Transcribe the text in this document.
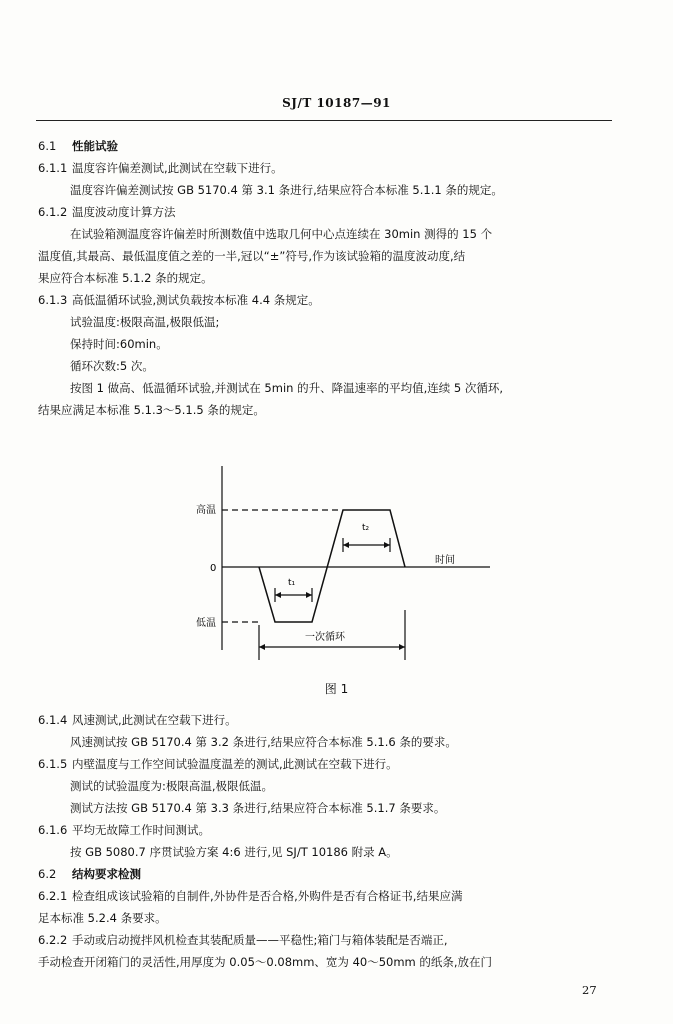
SJ/T 10187—91
6.1 性能试验
6.1.1 温度容许偏差测试,此测试在空载下进行。
温度容许偏差测试按 GB 5170.4 第 3.1 条进行,结果应符合本标准 5.1.1 条的规定。
6.1.2 温度波动度计算方法
在试验箱测温度容许偏差时所测数值中选取几何中心点连续在 30min 测得的 15 个
温度值,其最高、最低温度值之差的一半,冠以“±”符号,作为该试验箱的温度波动度,结
果应符合本标准 5.1.2 条的规定。
6.1.3 高低温循环试验,测试负载按本标准 4.4 条规定。
试验温度:极限高温,极限低温;
保持时间:60min。
循环次数:5 次。
按图 1 做高、低温循环试验,并测试在 5min 的升、降温速率的平均值,连续 5 次循环,
结果应满足本标准 5.1.3～5.1.5 条的规定。
高温
0
低温
时间
t₁
t₂
一次循环
图 1
6.1.4 风速测试,此测试在空载下进行。
风速测试按 GB 5170.4 第 3.2 条进行,结果应符合本标准 5.1.6 条的要求。
6.1.5 内壁温度与工作空间试验温度温差的测试,此测试在空载下进行。
测试的试验温度为:极限高温,极限低温。
测试方法按 GB 5170.4 第 3.3 条进行,结果应符合本标准 5.1.7 条要求。
6.1.6 平均无故障工作时间测试。
按 GB 5080.7 序贯试验方案 4:6 进行,见 SJ/T 10186 附录 A。
6.2 结构要求检测
6.2.1 检查组成该试验箱的自制件,外协件是否合格,外购件是否有合格证书,结果应满
足本标准 5.2.4 条要求。
6.2.2 手动或启动搅拌风机检查其装配质量——平稳性;箱门与箱体装配是否端正,
手动检查开闭箱门的灵活性,用厚度为 0.05～0.08mm、宽为 40～50mm 的纸条,放在门
27
